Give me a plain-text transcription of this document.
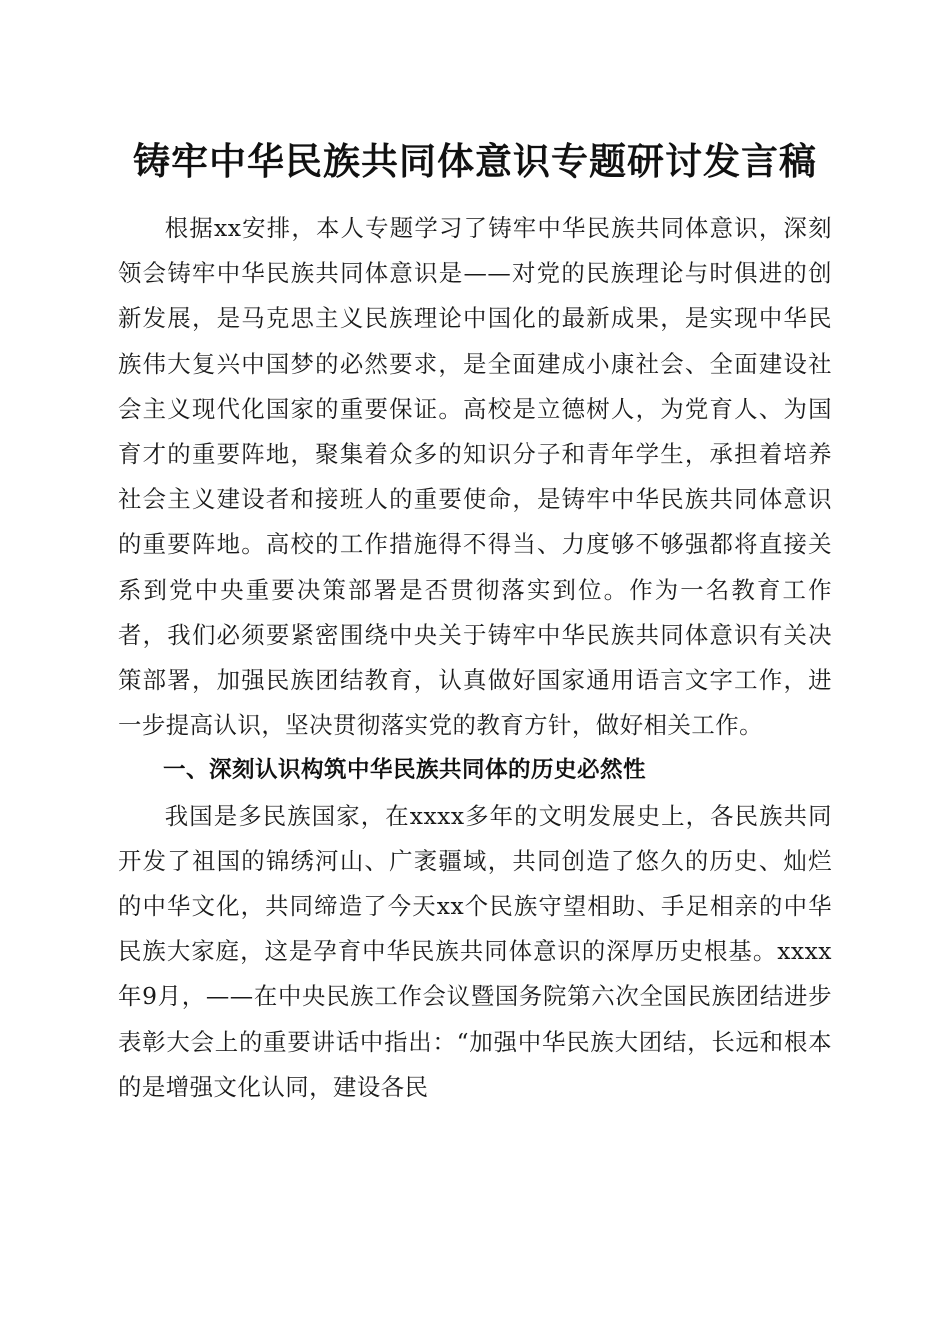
铸牢中华民族共同体意识专题研讨发言稿

根据xx安排，本人专题学习了铸牢中华民族共同体意识，深刻领会铸牢中华民族共同体意识是——对党的民族理论与时俱进的创新发展，是马克思主义民族理论中国化的最新成果，是实现中华民族伟大复兴中国梦的必然要求，是全面建成小康社会、全面建设社会主义现代化国家的重要保证。高校是立德树人，为党育人、为国育才的重要阵地，聚集着众多的知识分子和青年学生，承担着培养社会主义建设者和接班人的重要使命，是铸牢中华民族共同体意识的重要阵地。高校的工作措施得不得当、力度够不够强都将直接关系到党中央重要决策部署是否贯彻落实到位。作为一名教育工作者，我们必须要紧密围绕中央关于铸牢中华民族共同体意识有关决策部署，加强民族团结教育，认真做好国家通用语言文字工作，进一步提高认识，坚决贯彻落实党的教育方针，做好相关工作。

一、深刻认识构筑中华民族共同体的历史必然性

我国是多民族国家，在xxxx多年的文明发展史上，各民族共同开发了祖国的锦绣河山、广袤疆域，共同创造了悠久的历史、灿烂的中华文化，共同缔造了今天xx个民族守望相助、手足相亲的中华民族大家庭，这是孕育中华民族共同体意识的深厚历史根基。xxxx年9月，——在中央民族工作会议暨国务院第六次全国民族团结进步表彰大会上的重要讲话中指出：“加强中华民族大团结，长远和根本的是增强文化认同，建设各民
